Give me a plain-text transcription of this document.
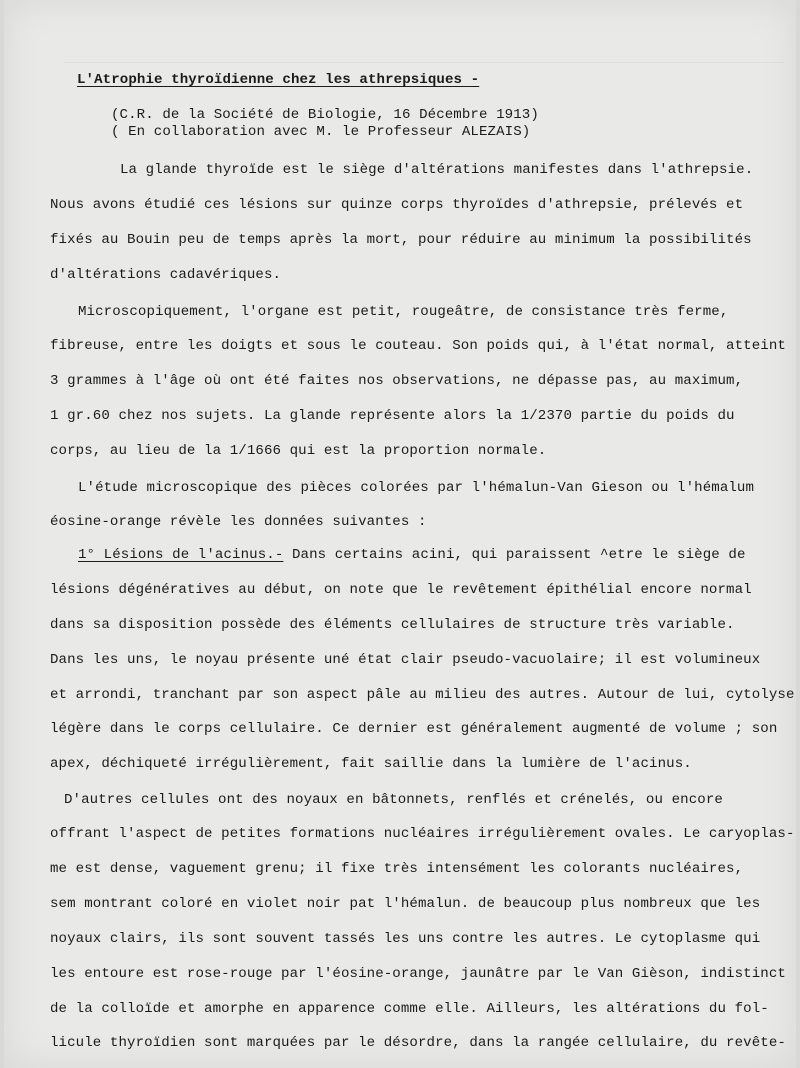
L'Atrophie thyroïdienne chez les athrepsiques -
(C.R. de la Société de Biologie, 16 Décembre 1913)
( En collaboration avec M. le Professeur ALEZAIS)
La glande thyroïde est le siège d'altérations manifestes dans l'athrepsie.
Nous avons étudié ces lésions sur quinze corps thyroïdes d'athrepsie, prélevés et
fixés au Bouin peu de temps après la mort, pour réduire au minimum la possibilités
d'altérations cadavériques.
Microscopiquement, l'organe est petit, rougeâtre, de consistance très ferme,
fibreuse, entre les doigts et sous le couteau. Son poids qui, à l'état normal, atteint
3 grammes à l'âge où ont été faites nos observations, ne dépasse pas, au maximum,
1 gr.60 chez nos sujets. La glande représente alors la 1/2370 partie du poids du
corps, au lieu de la 1/1666 qui est la proportion normale.
L'étude microscopique des pièces colorées par l'hémalun-Van Gieson ou l'hémalum
éosine-orange révèle les données suivantes :
1° Lésions de l'acinus.- Dans certains acini, qui paraissent ^etre le siège de
lésions dégénératives au début, on note que le revêtement épithélial encore normal
dans sa disposition possède des éléments cellulaires de structure très variable.
Dans les uns, le noyau présente uné état clair pseudo-vacuolaire; il est volumineux
et arrondi, tranchant par son aspect pâle au milieu des autres. Autour de lui, cytolyse
légère dans le corps cellulaire. Ce dernier est généralement augmenté de volume ; son
apex, déchiqueté irrégulièrement, fait saillie dans la lumière de l'acinus.
D'autres cellules ont des noyaux en bâtonnets, renflés et crénelés, ou encore
offrant l'aspect de petites formations nucléaires irrégulièrement ovales. Le caryoplas-
me est dense, vaguement grenu; il fixe très intensément les colorants nucléaires,
sem montrant coloré en violet noir pat l'hémalun. de beaucoup plus nombreux que les
noyaux clairs, ils sont souvent tassés les uns contre les autres. Le cytoplasme qui
les entoure est rose-rouge par l'éosine-orange, jaunâtre par le Van Gièson, indistinct
de la colloïde et amorphe en apparence comme elle. Ailleurs, les altérations du fol-
licule thyroïdien sont marquées par le désordre, dans la rangée cellulaire, du revête-
